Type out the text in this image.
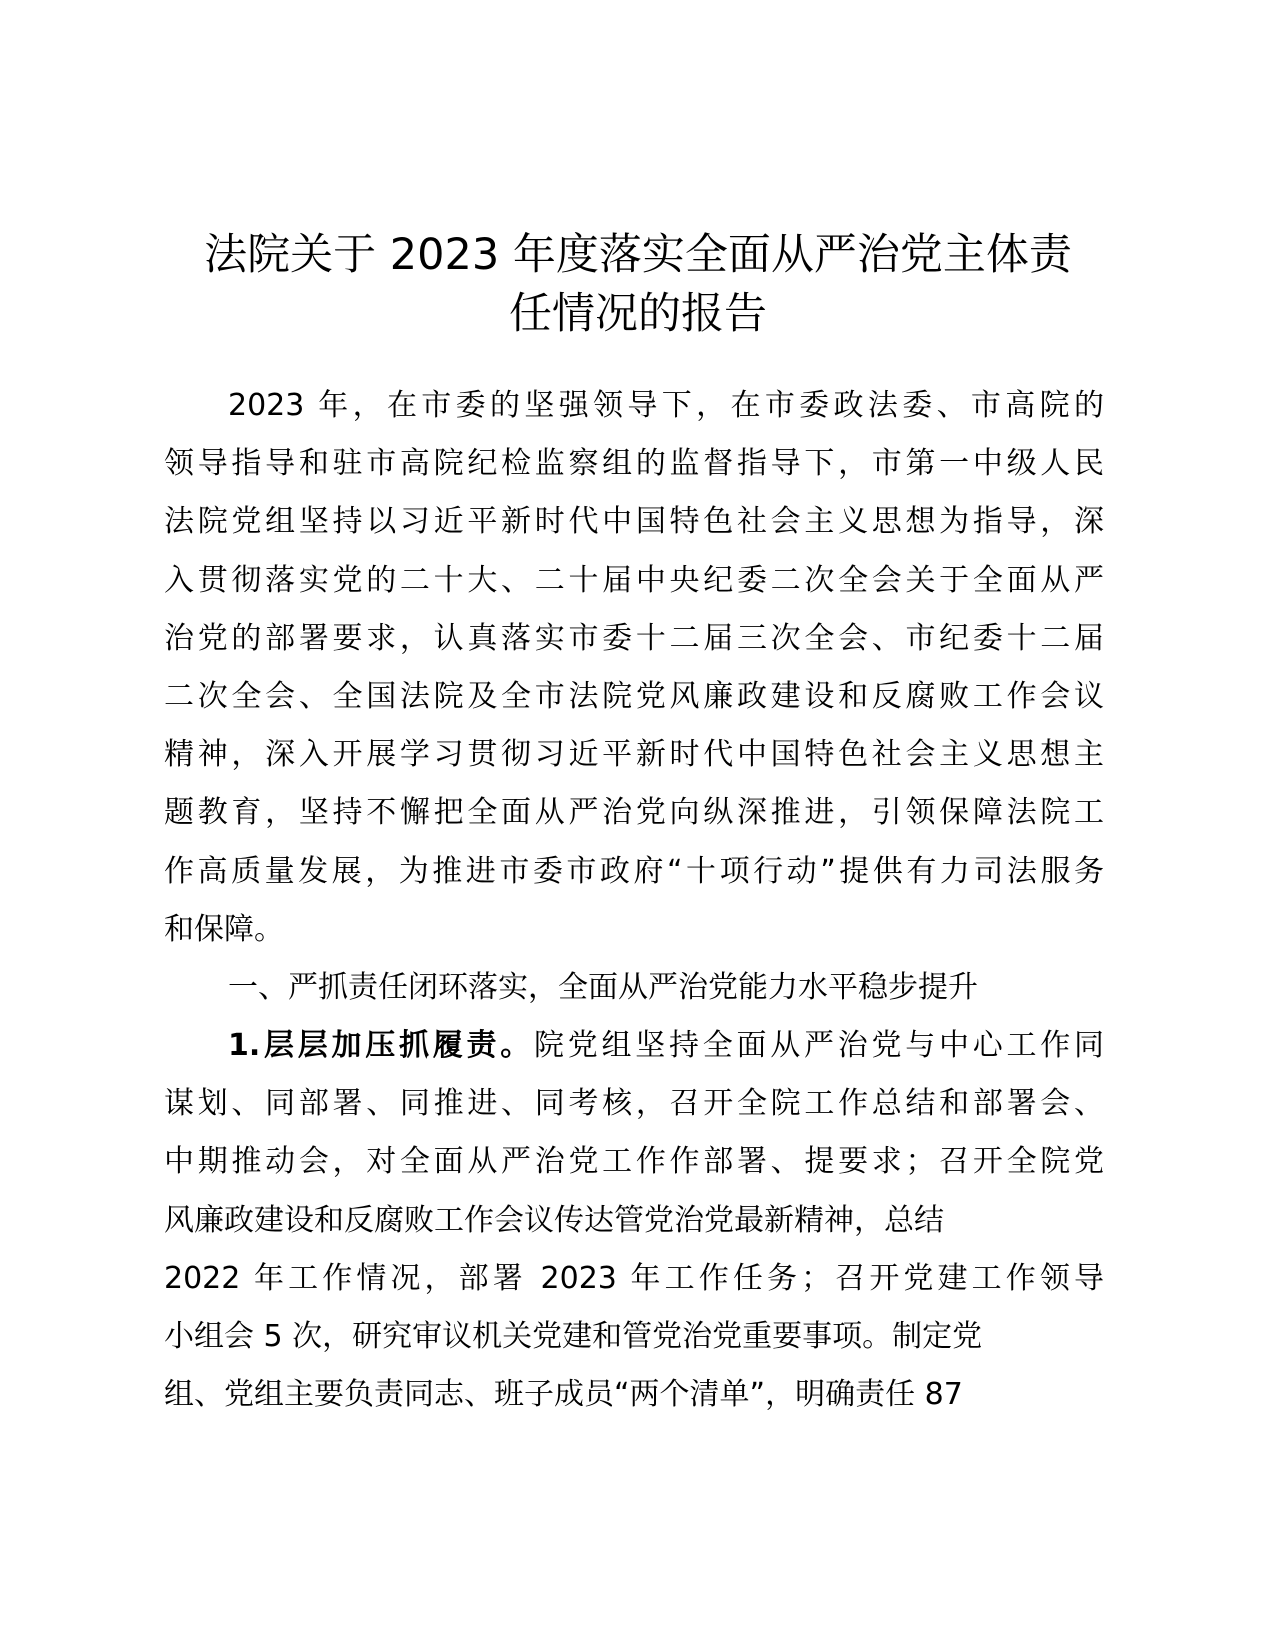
法院关于 2023 年度落实全面从严治党主体责
任情况的报告
2023 年，在市委的坚强领导下，在市委政法委、市高院的
领导指导和驻市高院纪检监察组的监督指导下，市第一中级人民
法院党组坚持以习近平新时代中国特色社会主义思想为指导，深
入贯彻落实党的二十大、二十届中央纪委二次全会关于全面从严
治党的部署要求，认真落实市委十二届三次全会、市纪委十二届
二次全会、全国法院及全市法院党风廉政建设和反腐败工作会议
精神，深入开展学习贯彻习近平新时代中国特色社会主义思想主
题教育，坚持不懈把全面从严治党向纵深推进，引领保障法院工
作高质量发展，为推进市委市政府“十项行动”提供有力司法服务
和保障。
一、严抓责任闭环落实，全面从严治党能力水平稳步提升
1.层层加压抓履责。院党组坚持全面从严治党与中心工作同
谋划、同部署、同推进、同考核，召开全院工作总结和部署会、
中期推动会，对全面从严治党工作作部署、提要求；召开全院党
风廉政建设和反腐败工作会议传达管党治党最新精神，总结
2022 年工作情况，部署 2023 年工作任务；召开党建工作领导
小组会 5 次，研究审议机关党建和管党治党重要事项。制定党
组、党组主要负责同志、班子成员“两个清单”，明确责任 87
